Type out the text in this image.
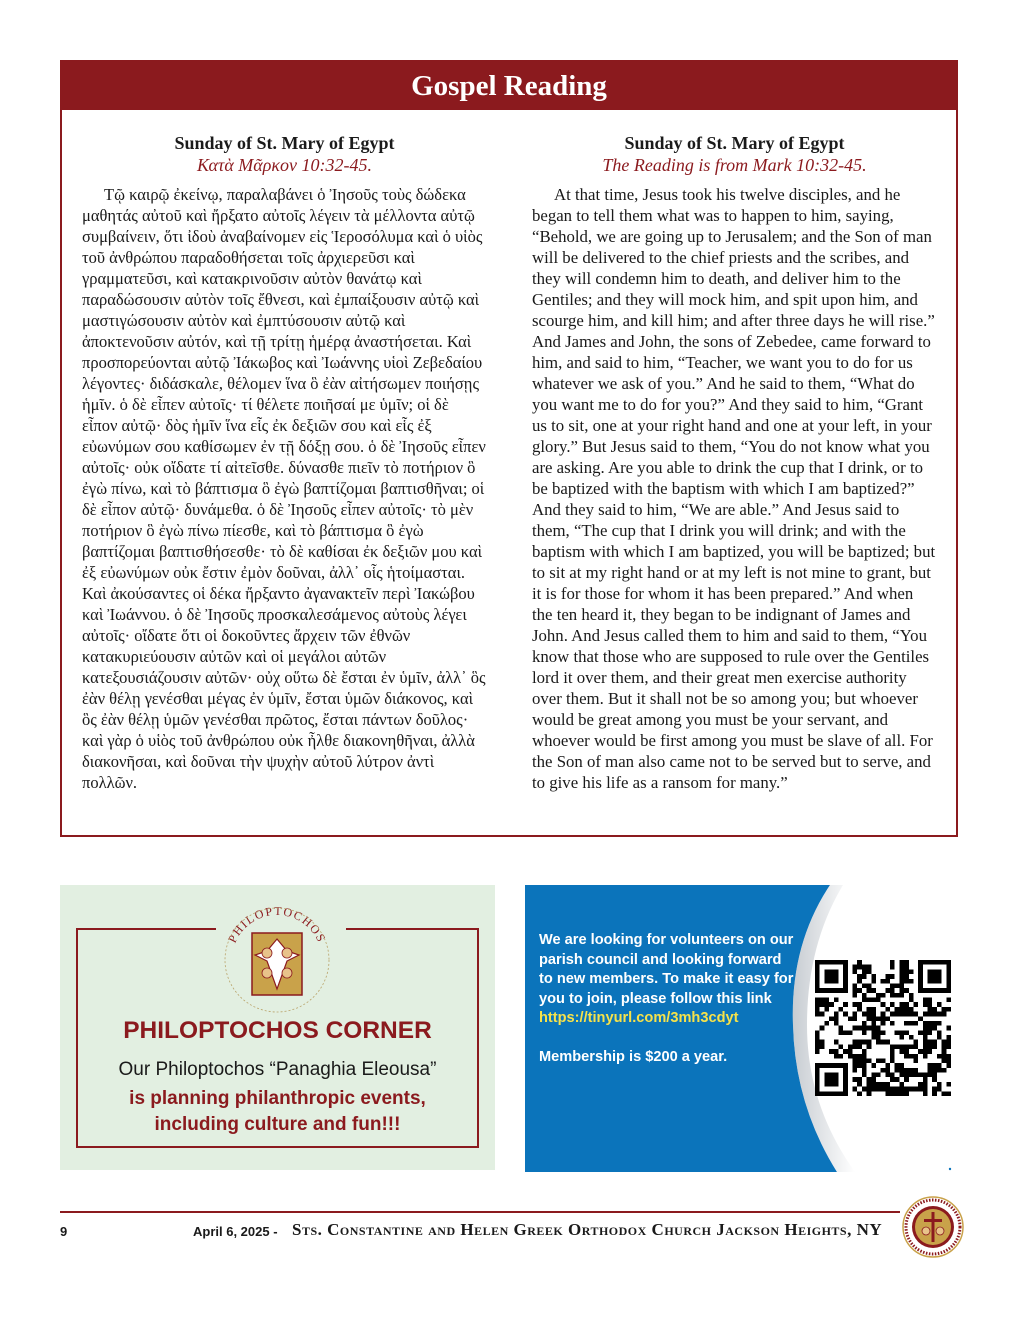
Gospel Reading
Sunday of St. Mary of Egypt
Κατὰ Μᾶρκον 10:32-45.
Τῷ καιρῷ ἐκείνῳ, παραλαβάνει ὁ Ἰησοῦς τοὺς δώδεκα μαθητάς αὐτοῦ καὶ ἤρξατο αὐτοῖς λέγειν τὰ μέλλοντα αὐτῷ συμβαίνειν, ὅτι ἰδοὺ ἀναβαίνομεν εἰς Ἱεροσόλυμα καὶ ὁ υἱὸς τοῦ ἀνθρώπου παραδοθήσεται τοῖς ἀρχιερεῦσι καὶ γραμματεῦσι, καὶ κατακρινοῦσιν αὐτὸν θανάτῳ καὶ παραδώσουσιν αὐτὸν τοῖς ἔθνεσι, καὶ ἐμπαίξουσιν αὐτῷ καὶ μαστιγώσουσιν αὐτὸν καὶ ἐμπτύσουσιν αὐτῷ καὶ ἀποκτενοῦσιν αὐτόν, καὶ τῇ τρίτῃ ἡμέρᾳ ἀναστήσεται. Καὶ προσπορεύονται αὐτῷ Ἰάκωβος καὶ Ἰωάννης υἱοὶ Ζεβεδαίου λέγοντες· διδάσκαλε, θέλομεν ἵνα ὃ ἐὰν αἰτήσωμεν ποιήσῃς ἡμῖν. ὁ δὲ εἶπεν αὐτοῖς· τί θέλετε ποιῆσαί με ὑμῖν; οἱ δὲ εἶπον αὐτῷ· δὸς ἡμῖν ἵνα εἷς ἐκ δεξιῶν σου καὶ εἷς ἐξ εὐωνύμων σου καθίσωμεν ἐν τῇ δόξῃ σου. ὁ δὲ Ἰησοῦς εἶπεν αὐτοῖς· οὐκ οἴδατε τί αἰτεῖσθε. δύνασθε πιεῖν τὸ ποτήριον ὃ ἐγὼ πίνω, καὶ τὸ βάπτισμα ὃ ἐγὼ βαπτίζομαι βαπτισθῆναι; οἱ δὲ εἶπον αὐτῷ· δυνάμεθα. ὁ δὲ Ἰησοῦς εἶπεν αὐτοῖς· τὸ μὲν ποτήριον ὃ ἐγὼ πίνω πίεσθε, καὶ τὸ βάπτισμα ὃ ἐγὼ βαπτίζομαι βαπτισθήσεσθε· τὸ δὲ καθίσαι ἐκ δεξιῶν μου καὶ ἐξ εὐωνύμων οὐκ ἔστιν ἐμὸν δοῦναι, ἀλλ᾽ οἷς ἡτοίμασται. Καὶ ἀκούσαντες οἱ δέκα ἤρξαντο ἀγανακτεῖν περὶ Ἰακώβου καὶ Ἰωάννου. ὁ δὲ Ἰησοῦς προσκαλεσάμενος αὐτοὺς λέγει αὐτοῖς· οἴδατε ὅτι οἱ δοκοῦντες ἄρχειν τῶν ἐθνῶν κατακυριεύουσιν αὐτῶν καὶ οἱ μεγάλοι αὐτῶν κατεξουσιάζουσιν αὐτῶν· οὐχ οὕτω δὲ ἔσται ἐν ὑμῖν, ἀλλ᾽ ὃς ἐὰν θέλῃ γενέσθαι μέγας ἐν ὑμῖν, ἔσται ὑμῶν διάκονος, καὶ ὃς ἐὰν θέλῃ ὑμῶν γενέσθαι πρῶτος, ἔσται πάντων δοῦλος· καὶ γὰρ ὁ υἱὸς τοῦ ἀνθρώπου οὐκ ἦλθε διακονηθῆναι, ἀλλὰ διακονῆσαι, καὶ δοῦναι τὴν ψυχὴν αὐτοῦ λύτρον ἀντὶ πολλῶν.
Sunday of St. Mary of Egypt
The Reading is from Mark 10:32-45.
At that time, Jesus took his twelve disciples, and he began to tell them what was to happen to him, saying, “Behold, we are going up to Jerusalem; and the Son of man will be delivered to the chief priests and the scribes, and they will condemn him to death, and deliver him to the Gentiles; and they will mock him, and spit upon him, and scourge him, and kill him; and after three days he will rise.” And James and John, the sons of Zebedee, came forward to him, and said to him, “Teacher, we want you to do for us whatever we ask of you.” And he said to them, “What do you want me to do for you?” And they said to him, “Grant us to sit, one at your right hand and one at your left, in your glory.” But Jesus said to them, “You do not know what you are asking. Are you able to drink the cup that I drink, or to be baptized with the baptism with which I am baptized?” And they said to him, “We are able.” And Jesus said to them, “The cup that I drink you will drink; and with the baptism with which I am baptized, you will be baptized; but to sit at my right hand or at my left is not mine to grant, but it is for those for whom it has been prepared.” And when the ten heard it, they began to be indignant of James and John. And Jesus called them to him and said to them, “You know that those who are supposed to rule over the Gentiles lord it over them, and their great men exercise authority over them. But it shall not be so among you; but whoever would be great among you must be your servant, and whoever would be first among you must be slave of all. For the Son of man also came not to be served but to serve, and to give his life as a ransom for many.”
PHILOPTOCHOS
PHILOPTOCHOS CORNER
Our Philoptochos “Panaghia Eleousa”
is planning philanthropic events,
including culture and fun!!!
We are looking for volunteers on our parish council and looking forward to new members. To make it easy for you to join, please follow this link
https://tinyurl.com/3mh3cdyt
Membership is $200 a year.
9	April 6, 2025 - Sts. Constantine and Helen Greek Orthodox Church Jackson Heights, NY
